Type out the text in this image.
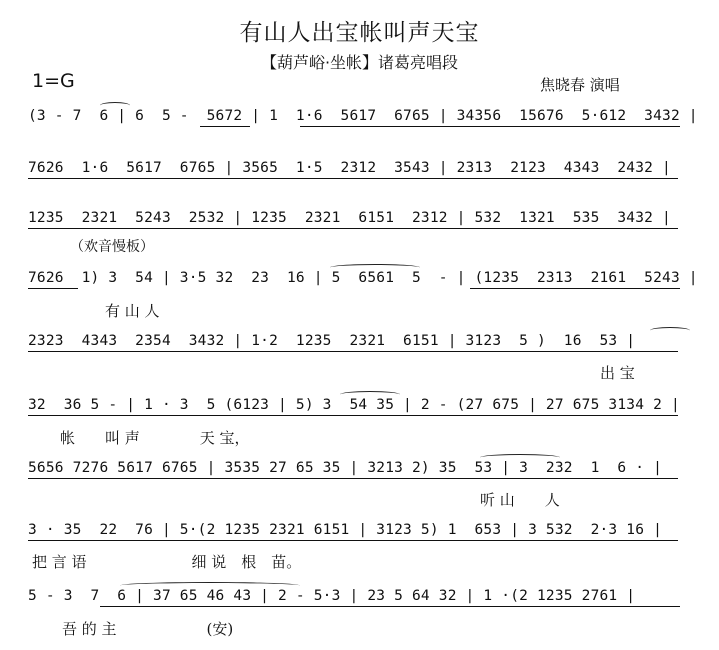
有山人出宝帐叫声天宝
【葫芦峪·坐帐】诸葛亮唱段
1=G	焦晓春 演唱
(3 - 7  6 | 6  5 -  5672 | 1  1·6  5617  6765 | 34356  15676  5·612  3432 |
7626  1·6  5617  6765 | 3565  1·5  2312  3543 | 2313  2123  4343  2432 |
1235  2321  5243  2532 | 1235  2321  6151  2312 | 532  1321  535  3432 |
（欢音慢板）
7626  1) 3  54 | 3·5 32  23  16 | 5  6561  5  - | (1235  2313  2161  5243 |
有 山 人
2323  4343  2354  3432 | 1·2  1235  2321  6151 | 3123  5 )  16  53 |
出 宝
32  36 5 - | 1 · 3  5 (6123 | 5) 3  54 35 | 2 - (27 675 | 27 675 3134 2 |
帐　　叫 声　　　　天 宝，
5656 7276 5617 6765 | 3535 27 65 35 | 3213 2) 35  53 | 3  232  1  6 · |
听 山　　人
3 · 35  22  76 | 5·(2 1235 2321 6151 | 3123 5) 1  653 | 3 532  2·3 16 |
把 言 语　　　　　　　细 说　根　苗。
5 - 3  7  6 | 37 65 46 43 | 2 - 5·3 | 23 5 64 32 | 1 ·(2 1235 2761 |
吾 的 主　　　　　　(安)
